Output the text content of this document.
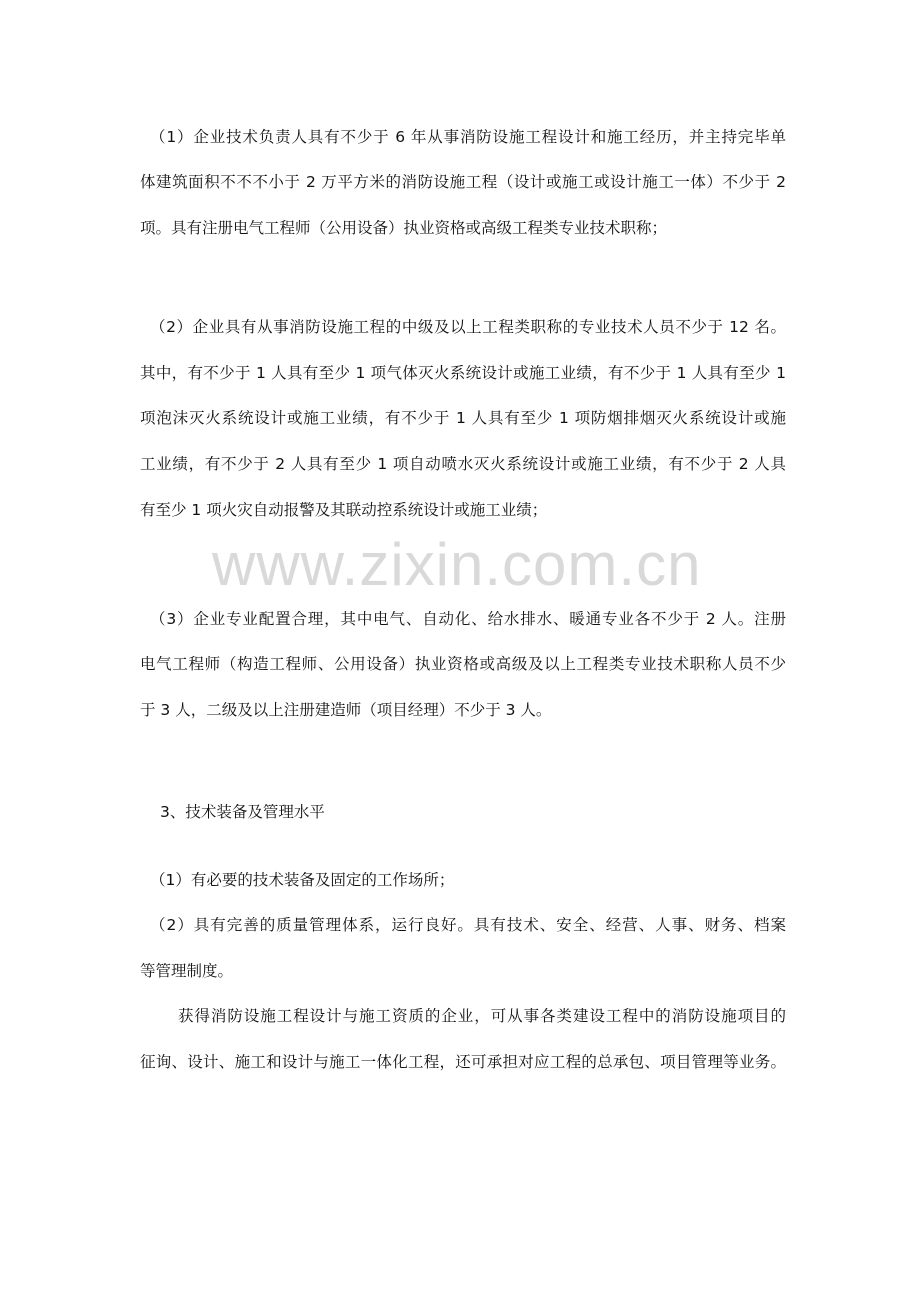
www.zixin.com.cn
（1）企业技术负责人具有不少于 6 年从事消防设施工程设计和施工经历，并主持完毕单
体建筑面积不不不小于 2 万平方米的消防设施工程（设计或施工或设计施工一体）不少于 2
项。具有注册电气工程师（公用设备）执业资格或高级工程类专业技术职称；
（2）企业具有从事消防设施工程的中级及以上工程类职称的专业技术人员不少于 12 名。
其中，有不少于 1 人具有至少 1 项气体灭火系统设计或施工业绩，有不少于 1 人具有至少 1
项泡沫灭火系统设计或施工业绩，有不少于 1 人具有至少 1 项防烟排烟灭火系统设计或施
工业绩，有不少于 2 人具有至少 1 项自动喷水灭火系统设计或施工业绩，有不少于 2 人具
有至少 1 项火灾自动报警及其联动控系统设计或施工业绩；
（3）企业专业配置合理，其中电气、自动化、给水排水、暖通专业各不少于 2 人。注册
电气工程师（构造工程师、公用设备）执业资格或高级及以上工程类专业技术职称人员不少
于 3 人，二级及以上注册建造师（项目经理）不少于 3 人。
3、技术装备及管理水平
（1）有必要的技术装备及固定的工作场所；
（2）具有完善的质量管理体系，运行良好。具有技术、安全、经营、人事、财务、档案
等管理制度。
获得消防设施工程设计与施工资质的企业，可从事各类建设工程中的消防设施项目的
征询、设计、施工和设计与施工一体化工程，还可承担对应工程的总承包、项目管理等业务。
